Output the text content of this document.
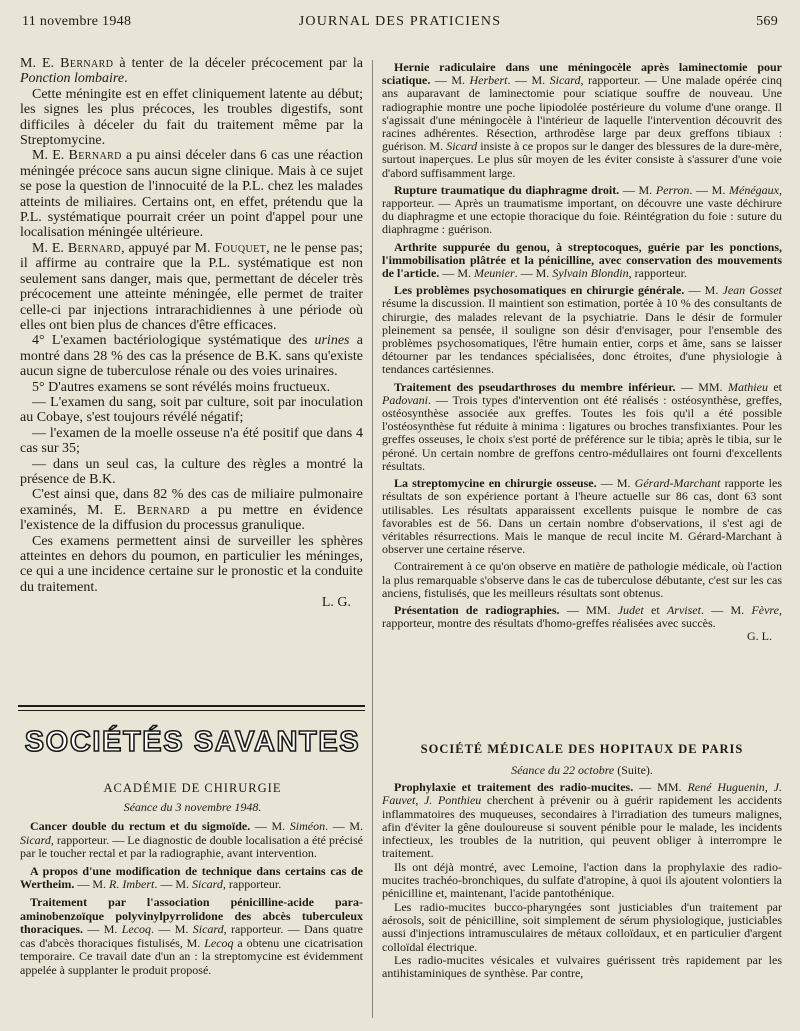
11 novembre 1948	JOURNAL DES PRATICIENS	569

M. E. Bernard à tenter de la déceler précocement par la Ponction lombaire.

Cette méningite est en effet cliniquement latente au début; les signes les plus précoces, les troubles digestifs, sont difficiles à déceler du fait du traitement même par la Streptomycine.

M. E. Bernard a pu ainsi déceler dans 6 cas une réaction méningée précoce sans aucun signe clinique. Mais à ce sujet se pose la question de l'innocuité de la P.L. chez les malades atteints de miliaires. Certains ont, en effet, prétendu que la P.L. systématique pourrait créer un point d'appel pour une localisation méningée ultérieure.

M. E. Bernard, appuyé par M. Fouquet, ne le pense pas; il affirme au contraire que la P.L. systématique est non seulement sans danger, mais que, permettant de déceler très précocement une atteinte méningée, elle permet de traiter celle-ci par injections intrarachidiennes à une période où elles ont bien plus de chances d'être efficaces.

4° L'examen bactériologique systématique des urines a montré dans 28 % des cas la présence de B.K. sans qu'existe aucun signe de tuberculose rénale ou des voies urinaires.

5° D'autres examens se sont révélés moins fructueux.

— L'examen du sang, soit par culture, soit par inoculation au Cobaye, s'est toujours révélé négatif;

— l'examen de la moelle osseuse n'a été positif que dans 4 cas sur 35;

— dans un seul cas, la culture des règles a montré la présence de B.K.

C'est ainsi que, dans 82 % des cas de miliaire pulmonaire examinés, M. E. Bernard a pu mettre en évidence l'existence de la diffusion du processus granulique.

Ces examens permettent ainsi de surveiller les sphères atteintes en dehors du poumon, en particulier les méninges, ce qui a une incidence certaine sur le pronostic et la conduite du traitement.

L. G.

SOCIÉTÉS SAVANTES
ACADÉMIE DE CHIRURGIE
Séance du 3 novembre 1948.

Cancer double du rectum et du sigmoïde. — M. Siméon. — M. Sicard, rapporteur. — Le diagnostic de double localisation a été précisé par le toucher rectal et par la radiographie, avant intervention.

A propos d'une modification de technique dans certains cas de Wertheim. — M. R. Imbert. — M. Sicard, rapporteur.

Traitement par l'association pénicilline-acide para-aminobenzoïque polyvinylpyrrolidone des abcès tuberculeux thoraciques. — M. Lecoq. — M. Sicard, rapporteur. — Dans quatre cas d'abcès thoraciques fistulisés, M. Lecoq a obtenu une cicatrisation temporaire. Ce travail date d'un an : la streptomycine est évidemment appelée à supplanter le produit proposé.

Hernie radiculaire dans une méningocèle après laminectomie pour sciatique. — M. Herbert. — M. Sicard, rapporteur. — Une malade opérée cinq ans auparavant de laminectomie pour sciatique souffre de nouveau. Une radiographie montre une poche lipiodolée postérieure du volume d'une orange. Il s'agissait d'une méningocèle à l'intérieur de laquelle l'intervention découvrit des racines adhérentes. Résection, arthrodèse large par deux greffons tibiaux : guérison. M. Sicard insiste à ce propos sur le danger des blessures de la dure-mère, surtout inaperçues. Le plus sûr moyen de les éviter consiste à s'assurer d'une voie d'abord suffisamment large.

Rupture traumatique du diaphragme droit. — M. Perron. — M. Ménégaux, rapporteur. — Après un traumatisme important, on découvre une vaste déchirure du diaphragme et une ectopie thoracique du foie. Réintégration du foie : suture du diaphragme : guérison.

Arthrite suppurée du genou, à streptocoques, guérie par les ponctions, l'immobilisation plâtrée et la pénicilline, avec conservation des mouvements de l'article. — M. Meunier. — M. Sylvain Blondin, rapporteur.

Les problèmes psychosomatiques en chirurgie générale. — M. Jean Gosset résume la discussion. Il maintient son estimation, portée à 10 % des consultants de chirurgie, des malades relevant de la psychiatrie. Dans le désir de formuler pleinement sa pensée, il souligne son désir d'envisager, pour l'ensemble des problèmes psychosomatiques, l'être humain entier, corps et âme, sans se laisser détourner par les tendances spécialisées, donc étroites, d'une physiologie à tendances cartésiennes.

Traitement des pseudarthroses du membre inférieur. — MM. Mathieu et Padovani. — Trois types d'intervention ont été réalisés : ostéosynthèse, greffes, ostéosynthèse associée aux greffes. Toutes les fois qu'il a été possible l'ostéosynthèse fut réduite à minima : ligatures ou broches transfixiantes. Pour les greffes osseuses, le choix s'est porté de préférence sur le tibia; après le tibia, sur le péroné. Un certain nombre de greffons centro-médullaires ont fourni d'excellents résultats.

La streptomycine en chirurgie osseuse. — M. Gérard-Marchant rapporte les résultats de son expérience portant à l'heure actuelle sur 86 cas, dont 63 sont utilisables. Les résultats apparaissent excellents puisque le nombre de cas favorables est de 56. Dans un certain nombre d'observations, il s'est agi de véritables résurrections. Mais le manque de recul incite M. Gérard-Marchant à observer une certaine réserve.

Contrairement à ce qu'on observe en matière de pathologie médicale, où l'action la plus remarquable s'observe dans le cas de tuberculose débutante, c'est sur les cas anciens, fistulisés, que les meilleurs résultats sont obtenus.

Présentation de radiographies. — MM. Judet et Arviset. — M. Fèvre, rapporteur, montre des résultats d'homo-greffes réalisées avec succès.

G. L.

SOCIÉTÉ MÉDICALE DES HOPITAUX DE PARIS
Séance du 22 octobre (Suite).

Prophylaxie et traitement des radio-mucites. — MM. René Huguenin, J. Fauvet, J. Ponthieu cherchent à prévenir ou à guérir rapidement les accidents inflammatoires des muqueuses, secondaires à l'irradiation des tumeurs malignes, afin d'éviter la gêne douloureuse si souvent pénible pour le malade, les incidents infectieux, les troubles de la nutrition, qui peuvent obliger à interrompre le traitement.

Ils ont déjà montré, avec Lemoine, l'action dans la prophylaxie des radio-mucites trachéo-bronchiques, du sulfate d'atropine, à quoi ils ajoutent volontiers la pénicilline et, maintenant, l'acide pantothénique.

Les radio-mucites bucco-pharyngées sont justiciables d'un traitement par aérosols, soit de pénicilline, soit simplement de sérum physiologique, justiciables aussi d'injections intramusculaires de métaux colloïdaux, et en particulier d'argent colloïdal électrique.

Les radio-mucites vésicales et vulvaires guérissent très rapidement par les antihistaminiques de synthèse. Par contre,
